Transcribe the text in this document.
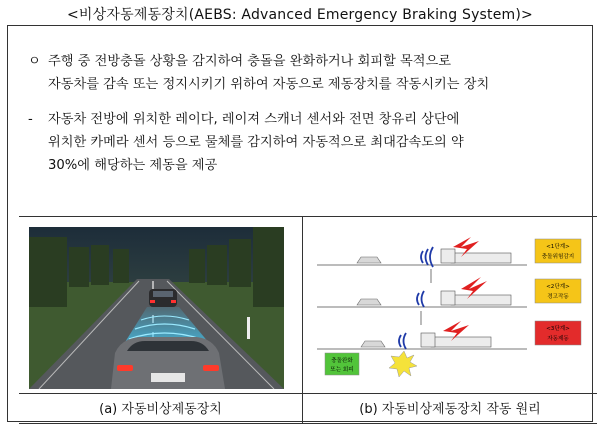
<비상자동제동장치(AEBS: Advanced Emergency Braking System)>
ㅇ 주행 중 전방충돌 상황을 감지하여 충돌을 완화하거나 회피할 목적으로
자동차를 감속 또는 정지시키기 위하여 자동으로 제동장치를 작동시키는 장치
- 자동차 전방에 위치한 레이다, 레이져 스캐너 센서와 전면 창유리 상단에
위치한 카메라 센서 등으로 물체를 감지하여 자동적으로 최대감속도의 약
30%에 해당하는 제동을 제공
<1단계>
충돌위험감지
<2단계>
경고작동
<3단계>
자동제동
충돌완화
또는 회피
(a) 자동비상제동장치	(b) 자동비상제동장치 작동 원리
